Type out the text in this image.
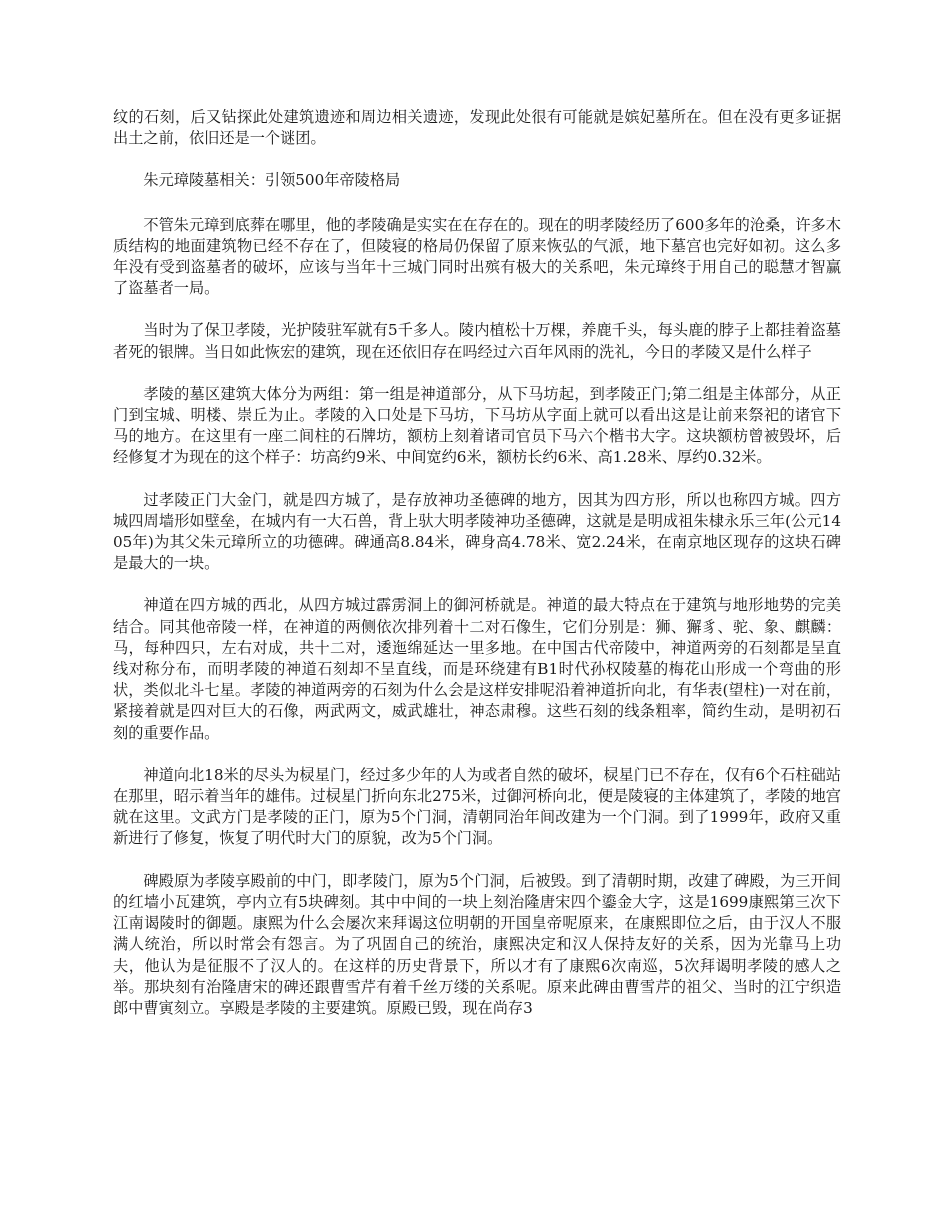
纹的石刻，后又钻探此处建筑遗迹和周边相关遗迹，发现此处很有可能就是嫔妃墓所在。但在没有更多证据出土之前，依旧还是一个谜团。

朱元璋陵墓相关：引领500年帝陵格局

不管朱元璋到底葬在哪里，他的孝陵确是实实在在存在的。现在的明孝陵经历了600多年的沧桑，许多木质结构的地面建筑物已经不存在了，但陵寝的格局仍保留了原来恢弘的气派，地下墓宫也完好如初。这么多年没有受到盗墓者的破坏，应该与当年十三城门同时出殡有极大的关系吧，朱元璋终于用自己的聪慧才智赢了盗墓者一局。

当时为了保卫孝陵，光护陵驻军就有5千多人。陵内植松十万棵，养鹿千头，每头鹿的脖子上都挂着盗墓者死的银牌。当日如此恢宏的建筑，现在还依旧存在吗经过六百年风雨的洗礼，今日的孝陵又是什么样子

孝陵的墓区建筑大体分为两组：第一组是神道部分，从下马坊起，到孝陵正门;第二组是主体部分，从正门到宝城、明楼、崇丘为止。孝陵的入口处是下马坊，下马坊从字面上就可以看出这是让前来祭祀的诸官下马的地方。在这里有一座二间柱的石牌坊，额枋上刻着诸司官员下马六个楷书大字。这块额枋曾被毁坏，后经修复才为现在的这个样子：坊高约9米、中间宽约6米，额枋长约6米、高1.28米、厚约0.32米。

过孝陵正门大金门，就是四方城了，是存放神功圣德碑的地方，因其为四方形，所以也称四方城。四方城四周墙形如壁垒，在城内有一大石兽，背上驮大明孝陵神功圣德碑，这就是是明成祖朱棣永乐三年(公元1405年)为其父朱元璋所立的功德碑。碑通高8.84米，碑身高4.78米、宽2.24米，在南京地区现存的这块石碑是最大的一块。

神道在四方城的西北，从四方城过霹雳洞上的御河桥就是。神道的最大特点在于建筑与地形地势的完美结合。同其他帝陵一样，在神道的两侧依次排列着十二对石像生，它们分别是：狮、獬豸、驼、象、麒麟：马，每种四只，左右对成，共十二对，逶迤绵延达一里多地。在中国古代帝陵中，神道两旁的石刻都是呈直线对称分布，而明孝陵的神道石刻却不呈直线，而是环绕建有B1时代孙权陵墓的梅花山形成一个弯曲的形状，类似北斗七星。孝陵的神道两旁的石刻为什么会是这样安排呢沿着神道折向北，有华表(望柱)一对在前，紧接着就是四对巨大的石像，两武两文，威武雄壮，神态肃穆。这些石刻的线条粗率，简约生动，是明初石刻的重要作品。

神道向北18米的尽头为棂星门，经过多少年的人为或者自然的破坏，棂星门已不存在，仅有6个石柱础站在那里，昭示着当年的雄伟。过棂星门折向东北275米，过御河桥向北，便是陵寝的主体建筑了，孝陵的地宫就在这里。文武方门是孝陵的正门，原为5个门洞，清朝同治年间改建为一个门洞。到了1999年，政府又重新进行了修复，恢复了明代时大门的原貌，改为5个门洞。

碑殿原为孝陵享殿前的中门，即孝陵门，原为5个门洞，后被毁。到了清朝时期，改建了碑殿，为三开间的红墙小瓦建筑，亭内立有5块碑刻。其中中间的一块上刻治隆唐宋四个鎏金大字，这是1699康熙第三次下江南谒陵时的御题。康熙为什么会屡次来拜谒这位明朝的开国皇帝呢原来，在康熙即位之后，由于汉人不服满人统治，所以时常会有怨言。为了巩固自己的统治，康熙决定和汉人保持友好的关系，因为光靠马上功夫，他认为是征服不了汉人的。在这样的历史背景下，所以才有了康熙6次南巡，5次拜谒明孝陵的感人之举。那块刻有治隆唐宋的碑还跟曹雪芹有着千丝万缕的关系呢。原来此碑由曹雪芹的祖父、当时的江宁织造郎中曹寅刻立。享殿是孝陵的主要建筑。原殿已毁，现在尚存3
